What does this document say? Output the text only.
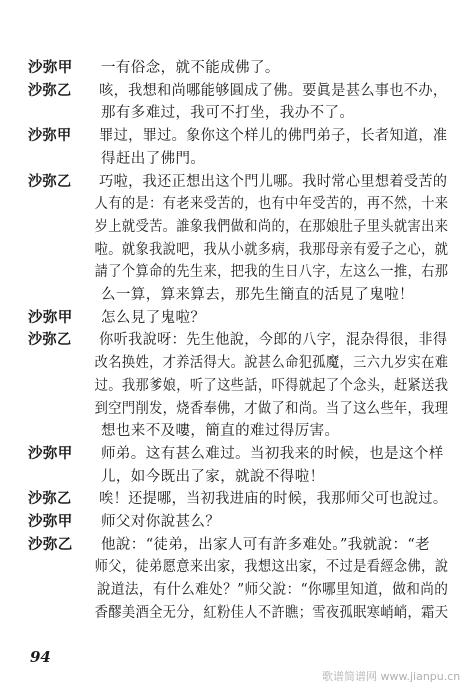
沙弥甲 一有俗念，就不能成佛了。
沙弥乙 咳，我想和尚哪能够圓成了佛。要眞是甚么事也不办，
那有多难过，我可不打坐，我办不了。
沙弥甲 罪过，罪过。象你这个样儿的佛門弟子，长者知道，准
得赶出了佛門。
沙弥乙 巧啦，我还正想出这个門儿哪。我时常心里想着受苦的
人有的是：有老来受苦的，也有中年受苦的，再不然，十来
岁上就受苦。誰象我們做和尚的，在那娘肚子里头就害出来
啦。就象我說吧，我从小就多病，我那母亲有爱子之心，就
請了个算命的先生来，把我的生日八字，左这么一推，右那
么一算，算来算去，那先生簡直的活見了鬼啦！
沙弥甲 怎么見了鬼啦？
沙弥乙 你听我說呀：先生他說，今郎的八字，混杂得很，非得
改名换姓，才养活得大。說甚么命犯孤魔，三六九岁实在难
过。我那爹娘，听了这些話，吓得就起了个念头，赶紧送我
到空門削发，烧香奉佛，才做了和尚。当了这么些年，我理
想也来不及嘍，簡直的难过得厉害。
沙弥甲 师弟。这有甚么难过。当初我来的时候，也是这个样
儿，如今既出了家，就說不得啦！
沙弥乙 唉！还提哪，当初我进庙的时候，我那师父可也說过。
沙弥甲 师父对你說甚么？
沙弥乙 他說：“徒弟，出家人可有許多难处。”我就說：“老
师父，徒弟愿意来出家，我想这出家，不过是看經念佛，說
說道法，有什么难处？”师父說：“你哪里知道，做和尚的
香醪美酒全无分，紅粉佳人不許瞧；雪夜孤眠寒峭峭，霜天
94
歌谱简谱网 www.jianpu.cn
